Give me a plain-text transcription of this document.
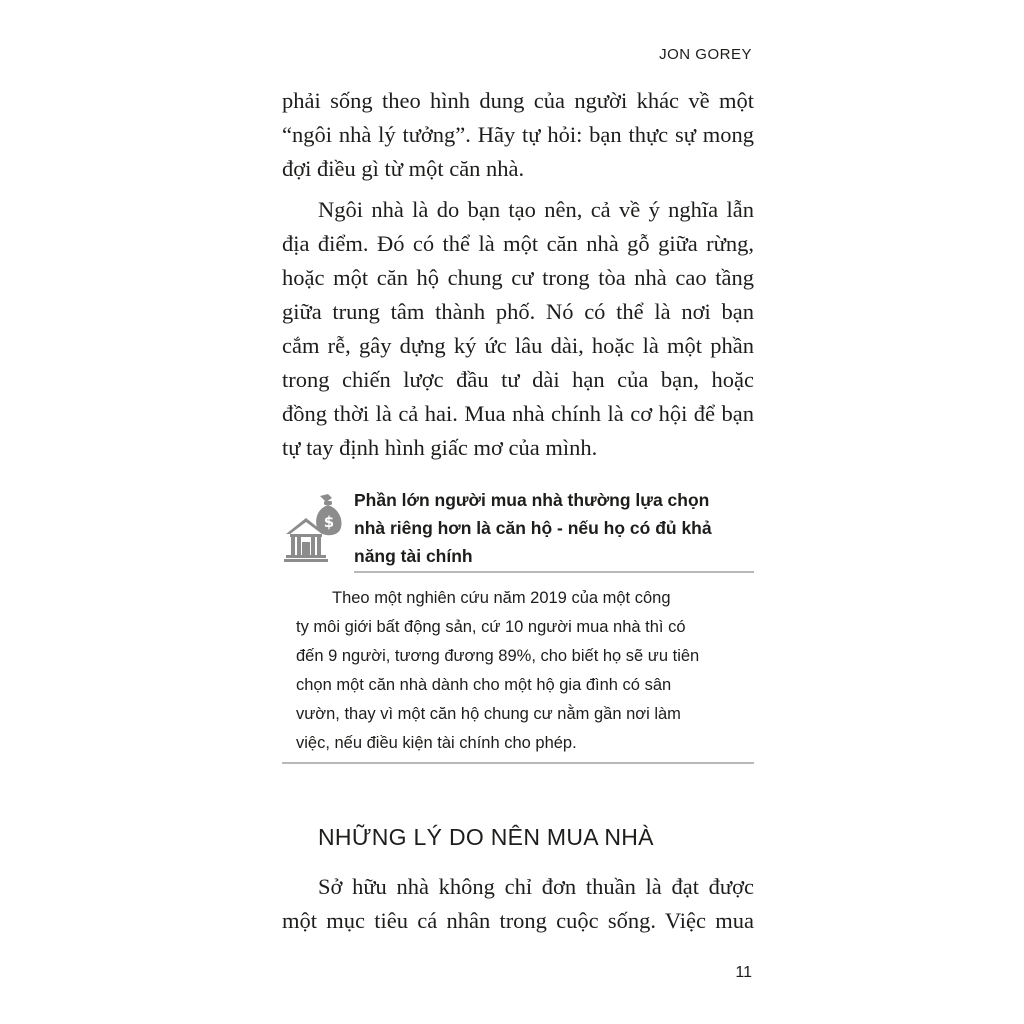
JON GOREY
phải sống theo hình dung của người khác về một
“ngôi nhà lý tưởng”. Hãy tự hỏi: bạn thực sự mong
đợi điều gì từ một căn nhà.
Ngôi nhà là do bạn tạo nên, cả về ý nghĩa lẫn
địa điểm. Đó có thể là một căn nhà gỗ giữa rừng,
hoặc một căn hộ chung cư trong tòa nhà cao tầng
giữa trung tâm thành phố. Nó có thể là nơi bạn
cắm rễ, gây dựng ký ức lâu dài, hoặc là một phần
trong chiến lược đầu tư dài hạn của bạn, hoặc
đồng thời là cả hai. Mua nhà chính là cơ hội để bạn
tự tay định hình giấc mơ của mình.
$
Phần lớn người mua nhà thường lựa chọn
nhà riêng hơn là căn hộ - nếu họ có đủ khả
năng tài chính
Theo một nghiên cứu năm 2019 của một công
ty môi giới bất động sản, cứ 10 người mua nhà thì có
đến 9 người, tương đương 89%, cho biết họ sẽ ưu tiên
chọn một căn nhà dành cho một hộ gia đình có sân
vườn, thay vì một căn hộ chung cư nằm gần nơi làm
việc, nếu điều kiện tài chính cho phép.
NHỮNG LÝ DO NÊN MUA NHÀ
Sở hữu nhà không chỉ đơn thuần là đạt được
một mục tiêu cá nhân trong cuộc sống. Việc mua
11
